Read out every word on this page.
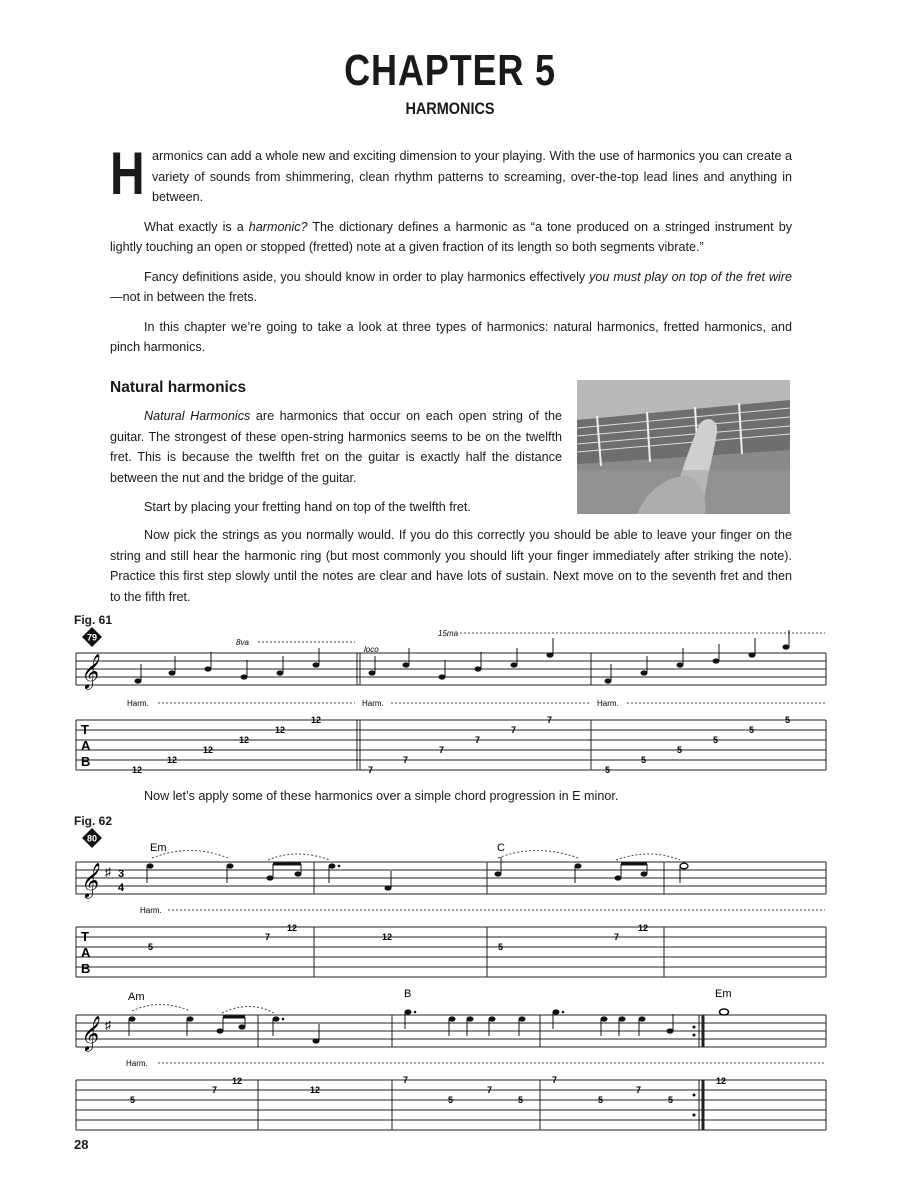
CHAPTER 5
HARMONICS

Harmonics can add a whole new and exciting dimension to your playing. With the use of harmonics you can create a variety of sounds from shimmering, clean rhythm patterns to screaming, over-the-top lead lines and anything in between.

What exactly is a harmonic? The dictionary defines a harmonic as “a tone produced on a stringed instrument by lightly touching an open or stopped (fretted) note at a given fraction of its length so both segments vibrate.”

Fancy definitions aside, you should know in order to play harmonics effectively you must play on top of the fret wire—not in between the frets.

In this chapter we’re going to take a look at three types of harmonics: natural harmonics, fretted harmonics, and pinch harmonics.

Natural harmonics

Natural Harmonics are harmonics that occur on each open string of the guitar. The strongest of these open-string harmonics seems to be on the twelfth fret. This is because the twelfth fret on the guitar is exactly half the distance between the nut and the bridge of the guitar.

Start by placing your fretting hand on top of the twelfth fret.

Now pick the strings as you normally would. If you do this correctly you should be able to leave your finger on the string and still hear the harmonic ring (but most commonly you should lift your finger immediately after striking the note). Practice this first step slowly until the notes are clear and have lots of sustain. Next move on to the seventh fret and then to the fifth fret.

Fig. 61
79
𝄞
8va
loco
15ma
Harm.	Harm.	Harm.
T
A
B
12
12
12
12
12
12
7
7
7
7
7
7
5
5
5
5
5
5
𝄞 ♯ 3
4
Em	C
Harm.
T
A
B
5
7
12
12
5
7
12
𝄞 ♯
Am	B	Em
Harm.
5
7
12
12
7
5
7
5
7
5
7
5
12
Now let’s apply some of these harmonics over a simple chord progression in E minor.
Fig. 62
80
28
